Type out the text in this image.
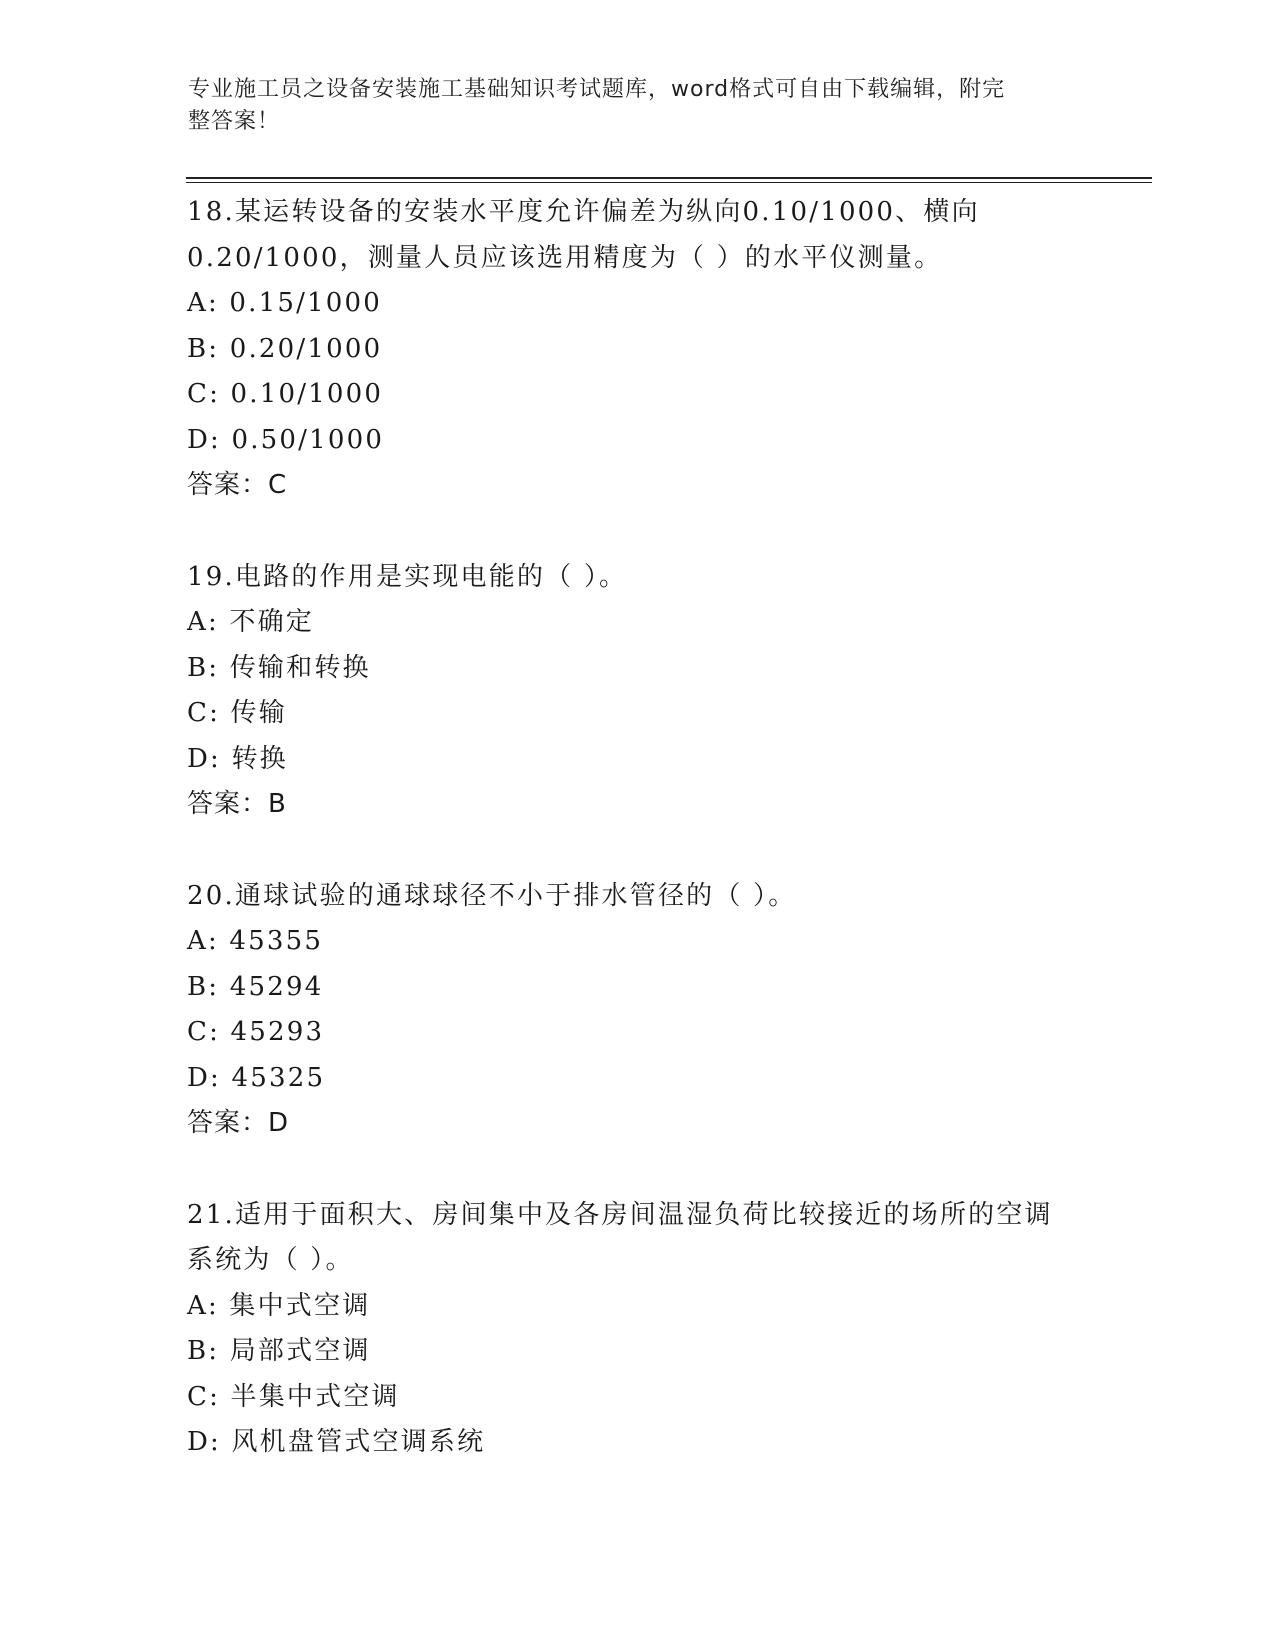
专业施工员之设备安装施工基础知识考试题库，word格式可自由下载编辑，附完
整答案！
18.某运转设备的安装水平度允许偏差为纵向0.10/1000、横向
0.20/1000，测量人员应该选用精度为（ ）的水平仪测量。
A: 0.15/1000
B: 0.20/1000
C: 0.10/1000
D: 0.50/1000
答案：C
19.电路的作用是实现电能的（ ）。
A: 不确定
B: 传输和转换
C: 传输
D: 转换
答案：B
20.通球试验的通球球径不小于排水管径的（ ）。
A: 45355
B: 45294
C: 45293
D: 45325
答案：D
21.适用于面积大、房间集中及各房间温湿负荷比较接近的场所的空调
系统为（ ）。
A: 集中式空调
B: 局部式空调
C: 半集中式空调
D: 风机盘管式空调系统
